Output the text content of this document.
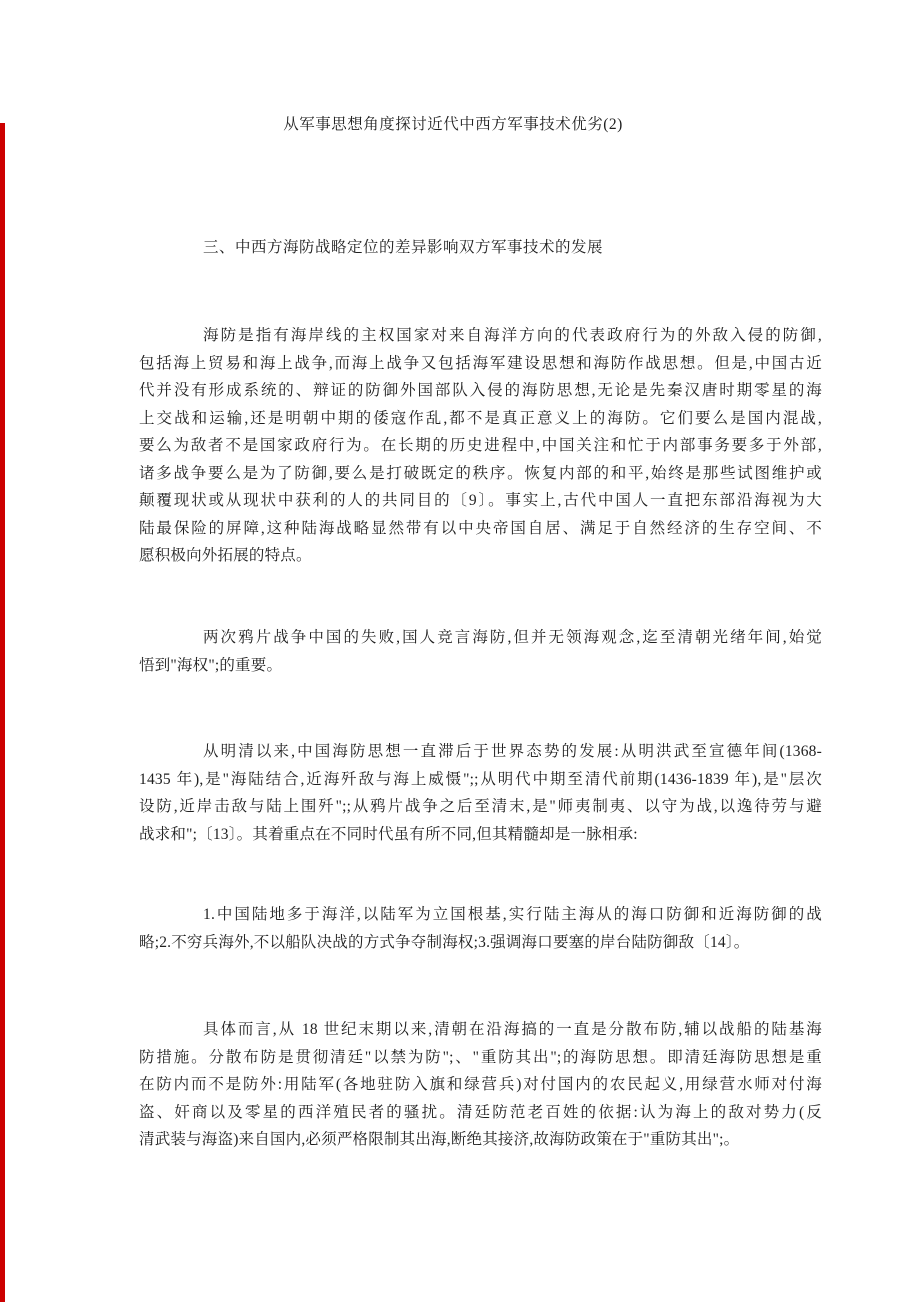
从军事思想角度探讨近代中西方军事技术优劣(2)
三、中西方海防战略定位的差异影响双方军事技术的发展
海防是指有海岸线的主权国家对来自海洋方向的代表政府行为的外敌入侵的防御,
包括海上贸易和海上战争,而海上战争又包括海军建设思想和海防作战思想。但是,中国古近
代并没有形成系统的、辩证的防御外国部队入侵的海防思想,无论是先秦汉唐时期零星的海
上交战和运输,还是明朝中期的倭寇作乱,都不是真正意义上的海防。它们要么是国内混战,
要么为敌者不是国家政府行为。在长期的历史进程中,中国关注和忙于内部事务要多于外部,
诸多战争要么是为了防御,要么是打破既定的秩序。恢复内部的和平,始终是那些试图维护或
颠覆现状或从现状中获利的人的共同目的〔9〕。事实上,古代中国人一直把东部沿海视为大
陆最保险的屏障,这种陆海战略显然带有以中央帝国自居、满足于自然经济的生存空间、不
愿积极向外拓展的特点。
两次鸦片战争中国的失败,国人竞言海防,但并无领海观念,迄至清朝光绪年间,始觉
悟到"海权";的重要。
从明清以来,中国海防思想一直滞后于世界态势的发展:从明洪武至宣德年间(1368-
1435 年),是"海陆结合,近海歼敌与海上威慑";;从明代中期至清代前期(1436-1839 年),是"层次
设防,近岸击敌与陆上围歼";;从鸦片战争之后至清末,是"师夷制夷、以守为战,以逸待劳与避
战求和";〔13〕。其着重点在不同时代虽有所不同,但其精髓却是一脉相承:
1.中国陆地多于海洋,以陆军为立国根基,实行陆主海从的海口防御和近海防御的战
略;2.不穷兵海外,不以船队决战的方式争夺制海权;3.强调海口要塞的岸台陆防御敌〔14〕。
具体而言,从 18 世纪末期以来,清朝在沿海搞的一直是分散布防,辅以战船的陆基海
防措施。分散布防是贯彻清廷"以禁为防";、"重防其出";的海防思想。即清廷海防思想是重
在防内而不是防外:用陆军(各地驻防入旗和绿营兵)对付国内的农民起义,用绿营水师对付海
盗、奸商以及零星的西洋殖民者的骚扰。清廷防范老百姓的依据:认为海上的敌对势力(反
清武装与海盗)来自国内,必须严格限制其出海,断绝其接济,故海防政策在于"重防其出";。
